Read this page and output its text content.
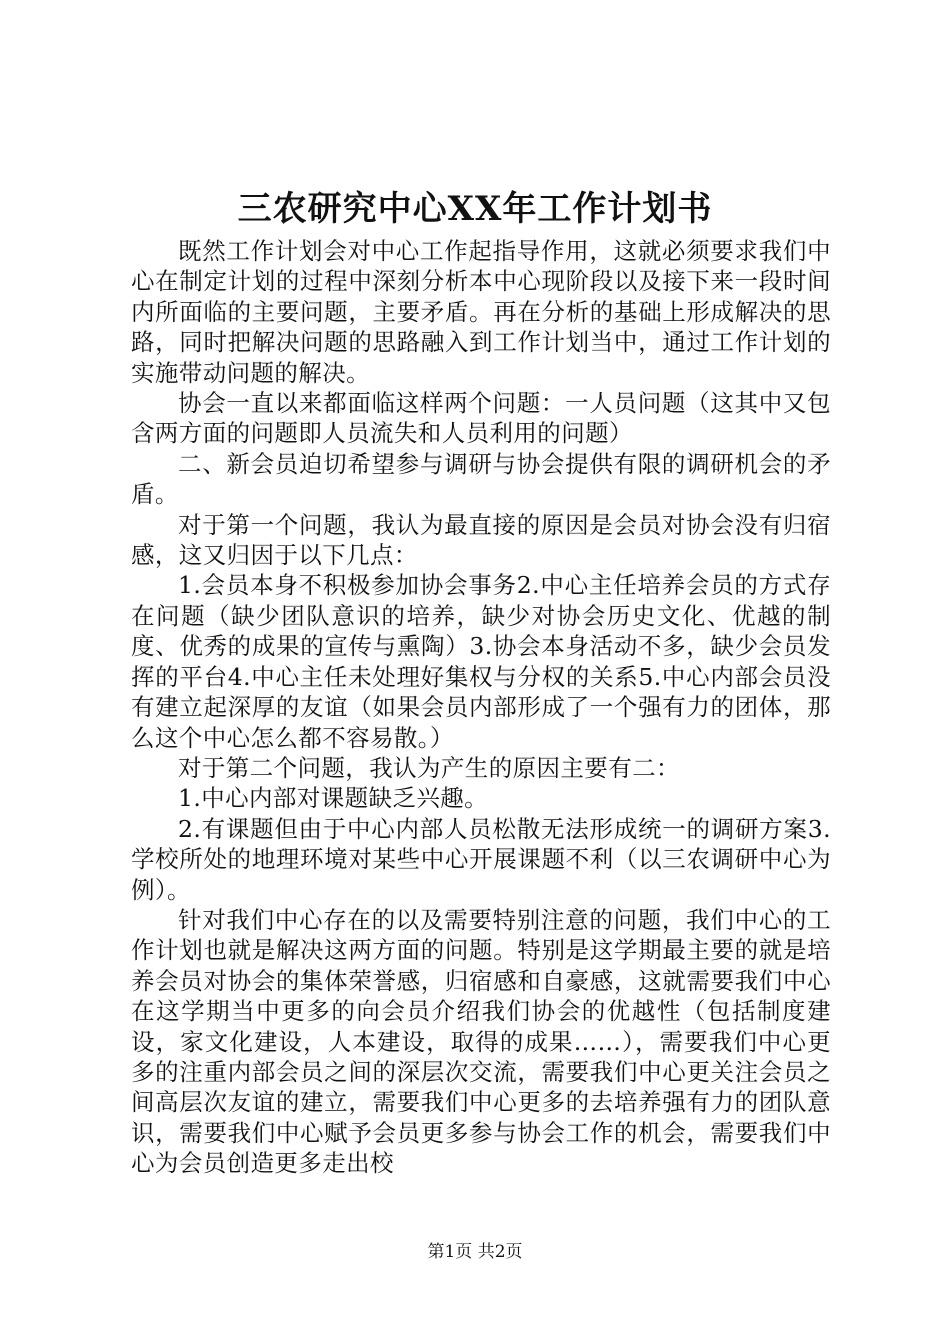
三农研究中心XX年工作计划书

既然工作计划会对中心工作起指导作用，这就必须要求我们中心在制定计划的过程中深刻分析本中心现阶段以及接下来一段时间内所面临的主要问题，主要矛盾。再在分析的基础上形成解决的思路，同时把解决问题的思路融入到工作计划当中，通过工作计划的实施带动问题的解决。

协会一直以来都面临这样两个问题：一人员问题（这其中又包含两方面的问题即人员流失和人员利用的问题）

二、新会员迫切希望参与调研与协会提供有限的调研机会的矛盾。

对于第一个问题，我认为最直接的原因是会员对协会没有归宿感，这又归因于以下几点：

1.会员本身不积极参加协会事务2.中心主任培养会员的方式存在问题（缺少团队意识的培养，缺少对协会历史文化、优越的制度、优秀的成果的宣传与熏陶）3.协会本身活动不多，缺少会员发挥的平台4.中心主任未处理好集权与分权的关系5.中心内部会员没有建立起深厚的友谊（如果会员内部形成了一个强有力的团体，那么这个中心怎么都不容易散。）

对于第二个问题，我认为产生的原因主要有二：

1.中心内部对课题缺乏兴趣。

2.有课题但由于中心内部人员松散无法形成统一的调研方案3.学校所处的地理环境对某些中心开展课题不利（以三农调研中心为例）。

针对我们中心存在的以及需要特别注意的问题，我们中心的工作计划也就是解决这两方面的问题。特别是这学期最主要的就是培养会员对协会的集体荣誉感，归宿感和自豪感，这就需要我们中心在这学期当中更多的向会员介绍我们协会的优越性（包括制度建设，家文化建设，人本建设，取得的成果……），需要我们中心更多的注重内部会员之间的深层次交流，需要我们中心更关注会员之间高层次友谊的建立，需要我们中心更多的去培养强有力的团队意识，需要我们中心赋予会员更多参与协会工作的机会，需要我们中心为会员创造更多走出校

第1页 共2页
